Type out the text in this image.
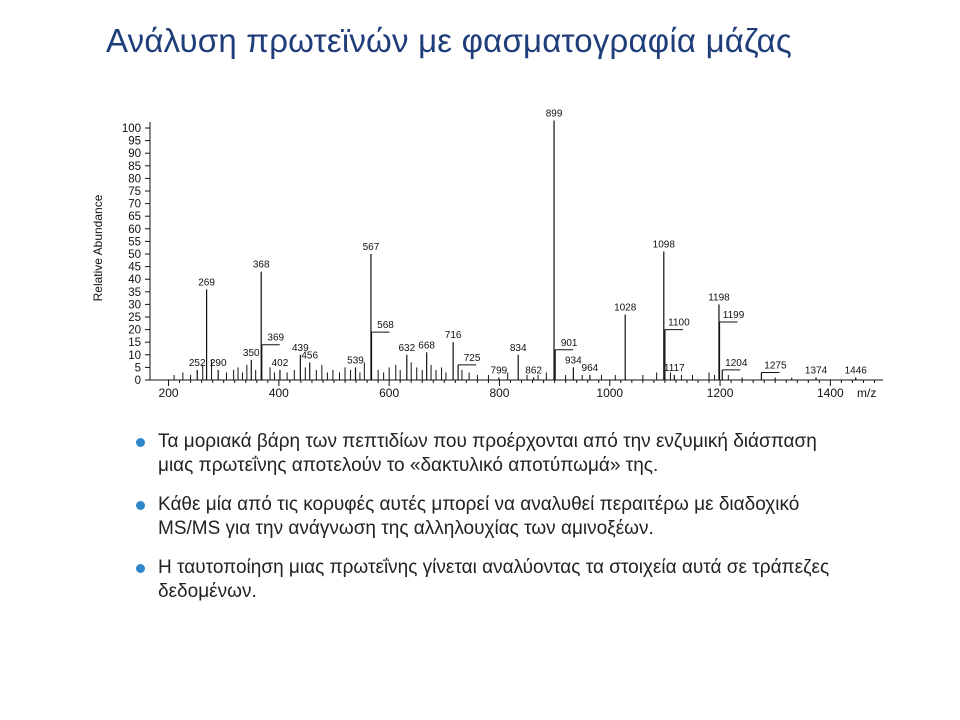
Ανάλυση πρωτεϊνών με φασματογραφία μάζας
252
269
290
350
368
369
402
439
456	539
567
568
632 668
716
725
799
834
862
899
901
934
964
1028
1098
1100
1117
1198
1199
1204 1275 1374 1446
0
5
10
15
20
25
30
35
40
45
50
55
60
65
70
75
80
85
90
95
100
200	400	600	800	1000	1200	1400
Relative Abundance
m/z
Τα μοριακά βάρη των πεπτιδίων που προέρχονται από την ενζυμική διάσπαση μιας πρωτεΐνης αποτελούν το «δακτυλικό αποτύπωμά» της.
Κάθε μία από τις κορυφές αυτές μπορεί να αναλυθεί περαιτέρω με διαδοχικό MS/MS για την ανάγνωση της αλληλουχίας των αμινοξέων.
Η ταυτοποίηση μιας πρωτεΐνης γίνεται αναλύοντας τα στοιχεία αυτά σε τράπεζες δεδομένων.
